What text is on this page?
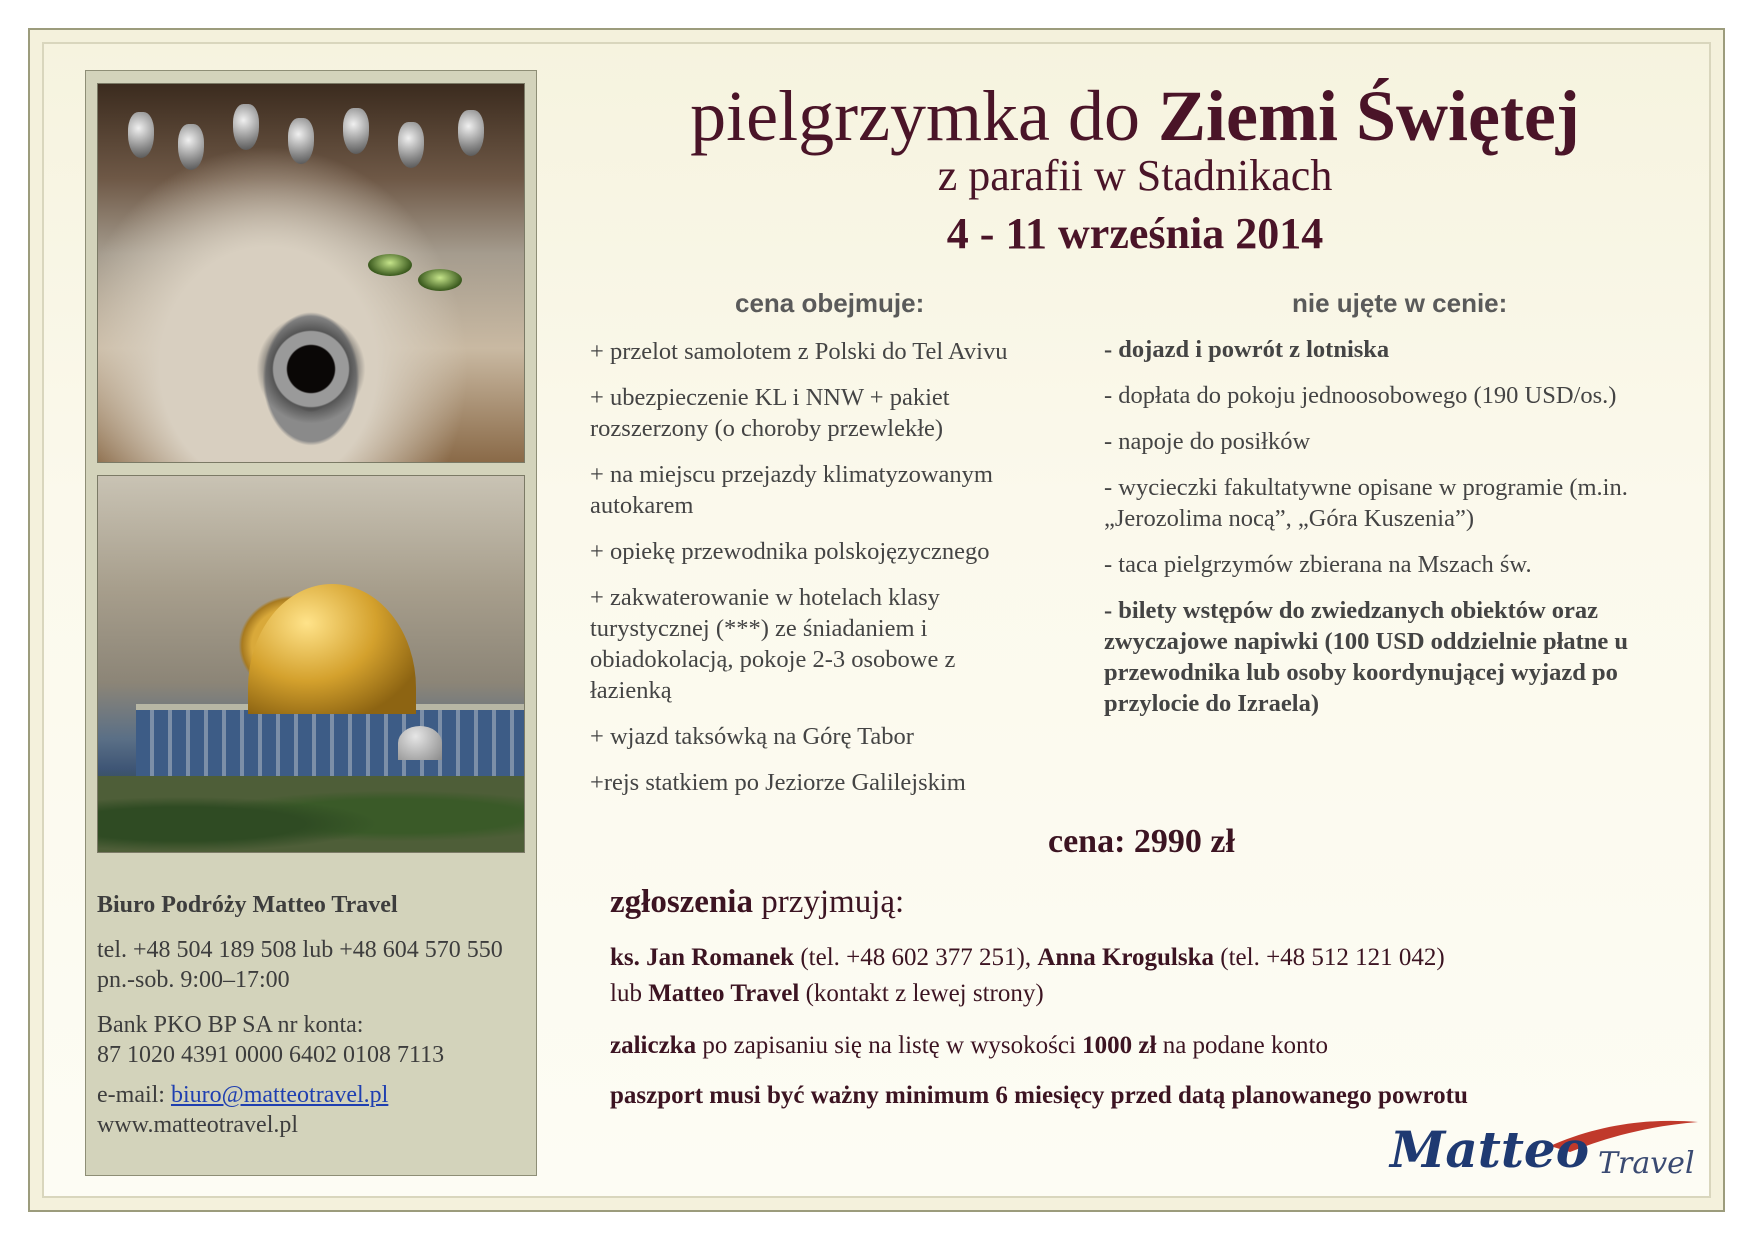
Biuro Podróży Matteo Travel
tel. +48 504 189 508 lub +48 604 570 550
pn.-sob. 9:00–17:00
Bank PKO BP SA nr konta:
87 1020 4391 0000 6402 0108 7113
e-mail: biuro@matteotravel.pl
www.matteotravel.pl
pielgrzymka do Ziemi Świętej
z parafii w Stadnikach
4 - 11 września 2014
cena obejmuje:
+ przelot samolotem z Polski do Tel Avivu
+ ubezpieczenie KL i NNW + pakiet rozszerzony (o choroby przewlekłe)
+ na miejscu przejazdy klimatyzowanym autokarem
+ opiekę przewodnika polskojęzycznego
+ zakwaterowanie w hotelach klasy turystycznej (***) ze śniadaniem i obiadokolacją, pokoje 2-3 osobowe z łazienką
+ wjazd taksówką na Górę Tabor
+rejs statkiem po Jeziorze Galilejskim
nie ujęte w cenie:
- dojazd i powrót z lotniska
- dopłata do pokoju jednoosobowego (190 USD/os.)
- napoje do posiłków
- wycieczki fakultatywne opisane w programie (m.in. „Jerozolima nocą”, „Góra Kuszenia”)
- taca pielgrzymów zbierana na Mszach św.
- bilety wstępów do zwiedzanych obiektów oraz zwyczajowe napiwki (100 USD oddzielnie płatne u przewodnika lub osoby koordynującej wyjazd po przylocie do Izraela)
cena: 2990 zł
zgłoszenia przyjmują:
ks. Jan Romanek (tel. +48 602 377 251), Anna Krogulska (tel. +48 512 121 042)
lub Matteo Travel (kontakt z lewej strony)
zaliczka po zapisaniu się na listę w wysokości 1000 zł na podane konto
paszport musi być ważny minimum 6 miesięcy przed datą planowanego powrotu
Matteo Travel
